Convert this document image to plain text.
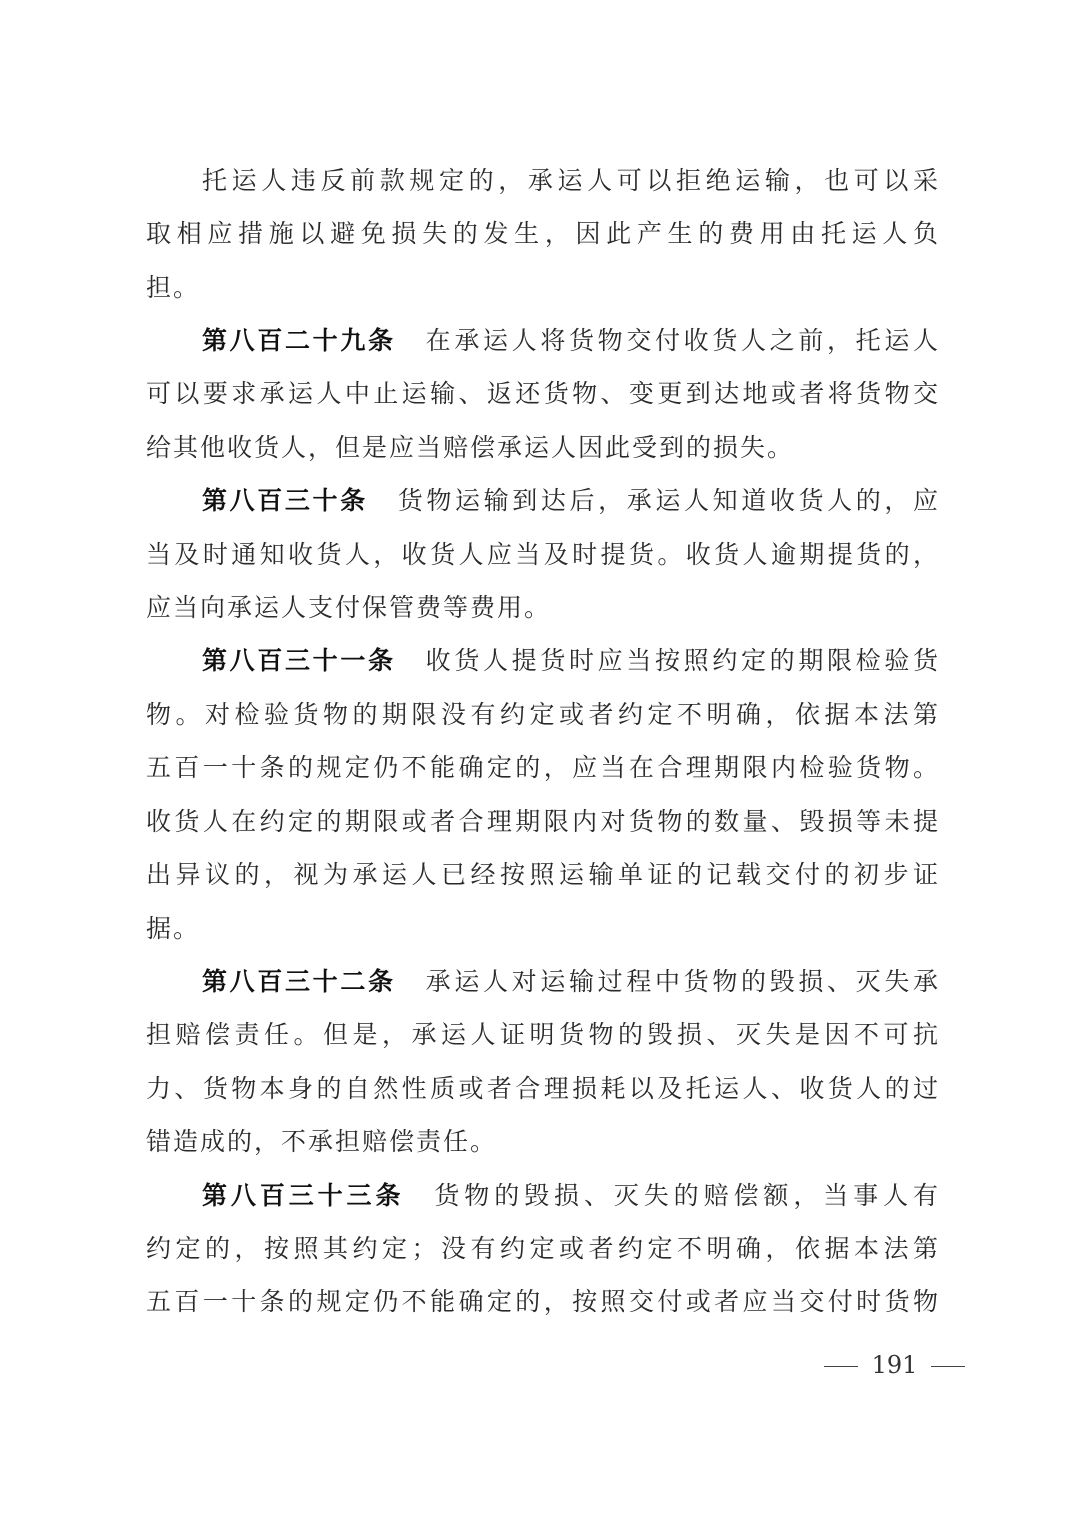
托运人违反前款规定的，承运人可以拒绝运输，也可以采
取相应措施以避免损失的发生，因此产生的费用由托运人负
担。
第八百二十九条 在承运人将货物交付收货人之前，托运人
可以要求承运人中止运输、返还货物、变更到达地或者将货物交
给其他收货人，但是应当赔偿承运人因此受到的损失。
第八百三十条 货物运输到达后，承运人知道收货人的，应
当及时通知收货人，收货人应当及时提货。收货人逾期提货的，
应当向承运人支付保管费等费用。
第八百三十一条 收货人提货时应当按照约定的期限检验货
物。对检验货物的期限没有约定或者约定不明确，依据本法第
五百一十条的规定仍不能确定的，应当在合理期限内检验货物。
收货人在约定的期限或者合理期限内对货物的数量、毁损等未提
出异议的，视为承运人已经按照运输单证的记载交付的初步证
据。
第八百三十二条 承运人对运输过程中货物的毁损、灭失承
担赔偿责任。但是，承运人证明货物的毁损、灭失是因不可抗
力、货物本身的自然性质或者合理损耗以及托运人、收货人的过
错造成的，不承担赔偿责任。
第八百三十三条 货物的毁损、灭失的赔偿额，当事人有
约定的，按照其约定；没有约定或者约定不明确，依据本法第
五百一十条的规定仍不能确定的，按照交付或者应当交付时货物
191
